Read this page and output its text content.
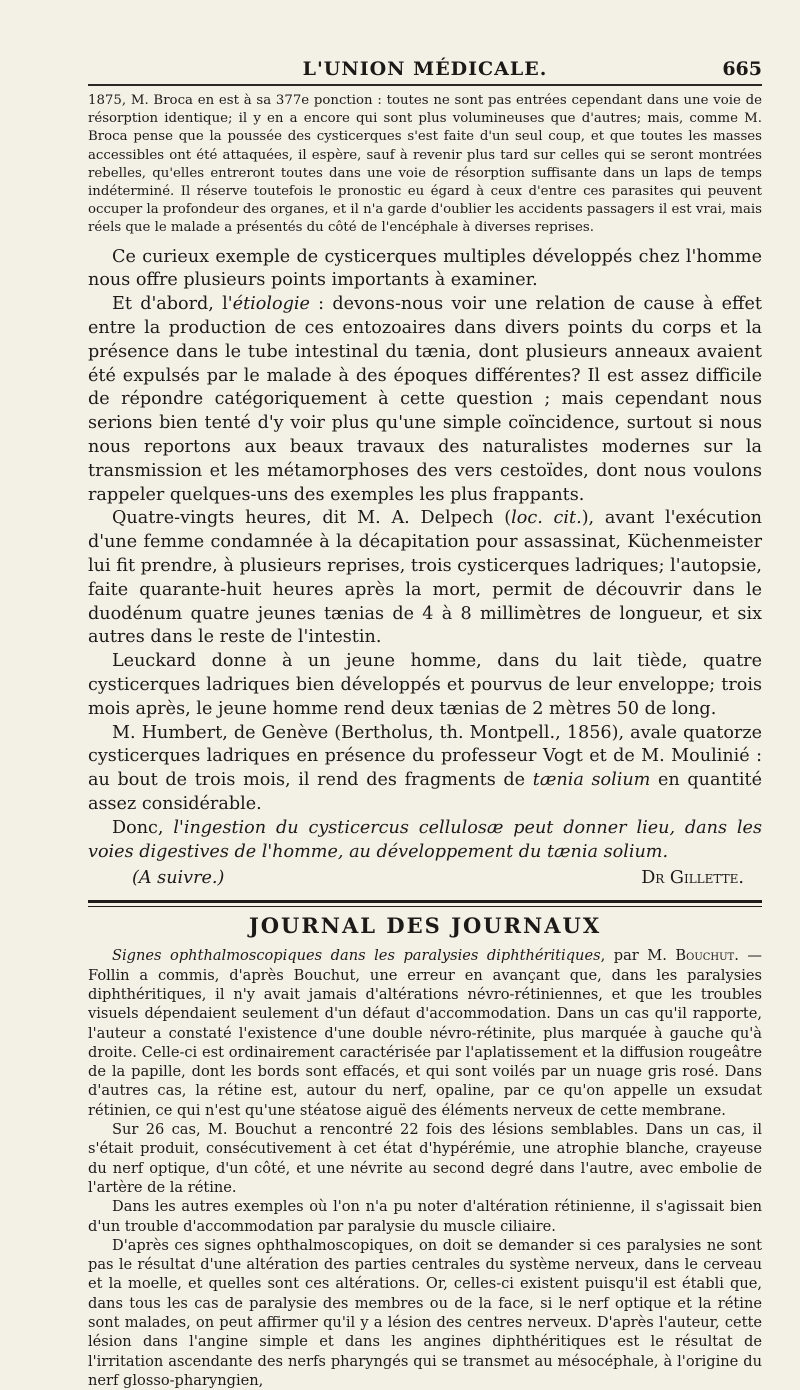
L'UNION MÉDICALE.	665

1875, M. Broca en est à sa 377e ponction : toutes ne sont pas entrées cependant dans une voie de résorption identique; il y en a encore qui sont plus volumineuses que d'autres; mais, comme M. Broca pense que la poussée des cysticerques s'est faite d'un seul coup, et que toutes les masses accessibles ont été attaquées, il espère, sauf à revenir plus tard sur celles qui se seront montrées rebelles, qu'elles entreront toutes dans une voie de résorption suffisante dans un laps de temps indéterminé. Il réserve toutefois le pronostic eu égard à ceux d'entre ces parasites qui peuvent occuper la profondeur des organes, et il n'a garde d'oublier les accidents passagers il est vrai, mais réels que le malade a présentés du côté de l'encéphale à diverses reprises.

Ce curieux exemple de cysticerques multiples développés chez l'homme nous offre plusieurs points importants à examiner.

Et d'abord, l'étiologie : devons-nous voir une relation de cause à effet entre la production de ces entozoaires dans divers points du corps et la présence dans le tube intestinal du tænia, dont plusieurs anneaux avaient été expulsés par le malade à des époques différentes? Il est assez difficile de répondre catégoriquement à cette question ; mais cependant nous serions bien tenté d'y voir plus qu'une simple coïncidence, surtout si nous nous reportons aux beaux travaux des naturalistes modernes sur la transmission et les métamorphoses des vers cestoïdes, dont nous voulons rappeler quelques-uns des exemples les plus frappants.

Quatre-vingts heures, dit M. A. Delpech (loc. cit.), avant l'exécution d'une femme condamnée à la décapitation pour assassinat, Küchenmeister lui fit prendre, à plusieurs reprises, trois cysticerques ladriques; l'autopsie, faite quarante-huit heures après la mort, permit de découvrir dans le duodénum quatre jeunes tænias de 4 à 8 millimètres de longueur, et six autres dans le reste de l'intestin.

Leuckard donne à un jeune homme, dans du lait tiède, quatre cysticerques ladriques bien développés et pourvus de leur enveloppe; trois mois après, le jeune homme rend deux tænias de 2 mètres 50 de long.

M. Humbert, de Genève (Bertholus, th. Montpell., 1856), avale quatorze cysticerques ladriques en présence du professeur Vogt et de M. Moulinié : au bout de trois mois, il rend des fragments de tænia solium en quantité assez considérable.

Donc, l'ingestion du cysticercus cellulosæ peut donner lieu, dans les voies digestives de l'homme, au développement du tænia solium.

(A suivre.)	Dr Gillette.
JOURNAL DES JOURNAUX

Signes ophthalmoscopiques dans les paralysies diphthéritiques, par M. Bouchut. — Follin a commis, d'après Bouchut, une erreur en avançant que, dans les paralysies diphthéritiques, il n'y avait jamais d'altérations névro-rétiniennes, et que les troubles visuels dépendaient seulement d'un défaut d'accommodation. Dans un cas qu'il rapporte, l'auteur a constaté l'existence d'une double névro-rétinite, plus marquée à gauche qu'à droite. Celle-ci est ordinairement caractérisée par l'aplatissement et la diffusion rougeâtre de la papille, dont les bords sont effacés, et qui sont voilés par un nuage gris rosé. Dans d'autres cas, la rétine est, autour du nerf, opaline, par ce qu'on appelle un exsudat rétinien, ce qui n'est qu'une stéatose aiguë des éléments nerveux de cette membrane.

Sur 26 cas, M. Bouchut a rencontré 22 fois des lésions semblables. Dans un cas, il s'était produit, consécutivement à cet état d'hypérémie, une atrophie blanche, crayeuse du nerf optique, d'un côté, et une névrite au second degré dans l'autre, avec embolie de l'artère de la rétine.

Dans les autres exemples où l'on n'a pu noter d'altération rétinienne, il s'agissait bien d'un trouble d'accommodation par paralysie du muscle ciliaire.

D'après ces signes ophthalmoscopiques, on doit se demander si ces paralysies ne sont pas le résultat d'une altération des parties centrales du système nerveux, dans le cerveau et la moelle, et quelles sont ces altérations. Or, celles-ci existent puisqu'il est établi que, dans tous les cas de paralysie des membres ou de la face, si le nerf optique et la rétine sont malades, on peut affirmer qu'il y a lésion des centres nerveux. D'après l'auteur, cette lésion dans l'angine simple et dans les angines diphthéritiques est le résultat de l'irritation ascendante des nerfs pharyngés qui se transmet au mésocéphale, à l'origine du nerf glosso-pharyngien,
